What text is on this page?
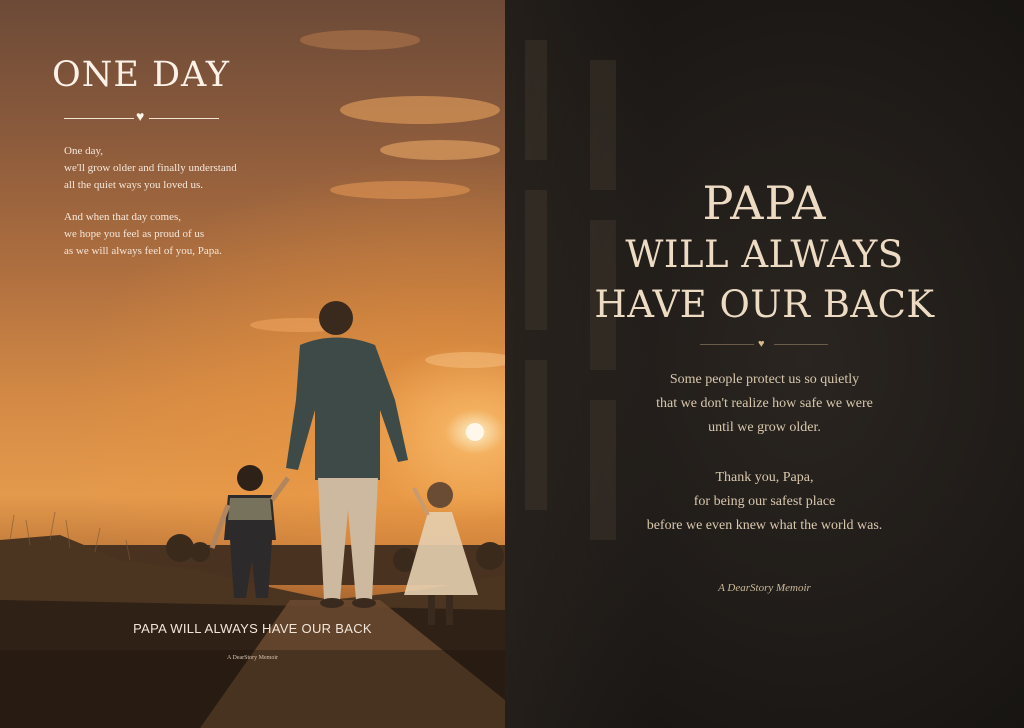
ONE DAY
♥

One day,
we'll grow older and finally understand
all the quiet ways you loved us.

And when that day comes,
we hope you feel as proud of us
as we will always feel of you, Papa.

PAPA WILL ALWAYS HAVE OUR BACK
A DearStory Memoir
PAPA
WILL ALWAYS
HAVE OUR BACK
♥
Some people protect us so quietly
that we don't realize how safe we were
until we grow older.
Thank you, Papa,
for being our safest place
before we even knew what the world was.
A DearStory Memoir
